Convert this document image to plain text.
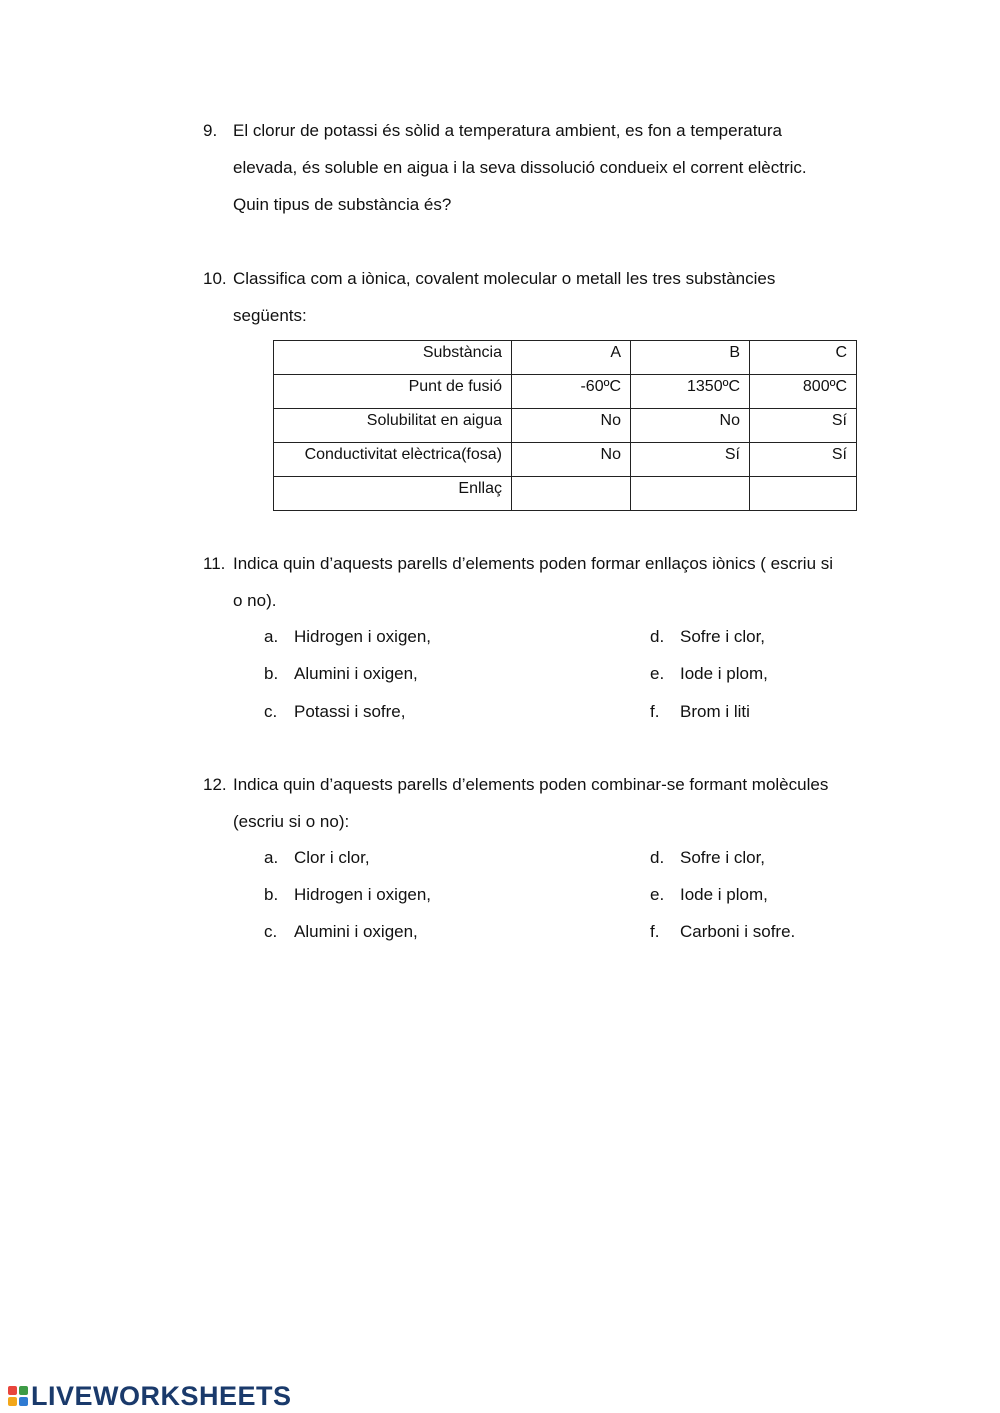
9. El clorur de potassi és sòlid a temperatura ambient, es fon a temperatura
elevada, és soluble en aigua i la seva dissolució condueix el corrent elèctric.
Quin tipus de substància és?
10. Classifica com a iònica, covalent molecular o metall les tres substàncies
següents:
Substància	A	B	C
Punt de fusió	-60ºC	1350ºC	800ºC
Solubilitat en aigua	No	No	Sí
Conductivitat elèctrica(fosa)	No	Sí	Sí
Enllaç			
11. Indica quin d’aquests parells d’elements poden formar enllaços iònics ( escriu si
o no).
a. Hidrogen i oxigen,
b. Alumini i oxigen,
c. Potassi i sofre,
d. Sofre i clor,
e. Iode i plom,
f. Brom i liti
12. Indica quin d’aquests parells d’elements poden combinar-se formant molècules
(escriu si o no):
a. Clor i clor,
b. Hidrogen i oxigen,
c. Alumini i oxigen,
d. Sofre i clor,
e. Iode i plom,
f. Carboni i sofre.
LIVEWORKSHEETS
